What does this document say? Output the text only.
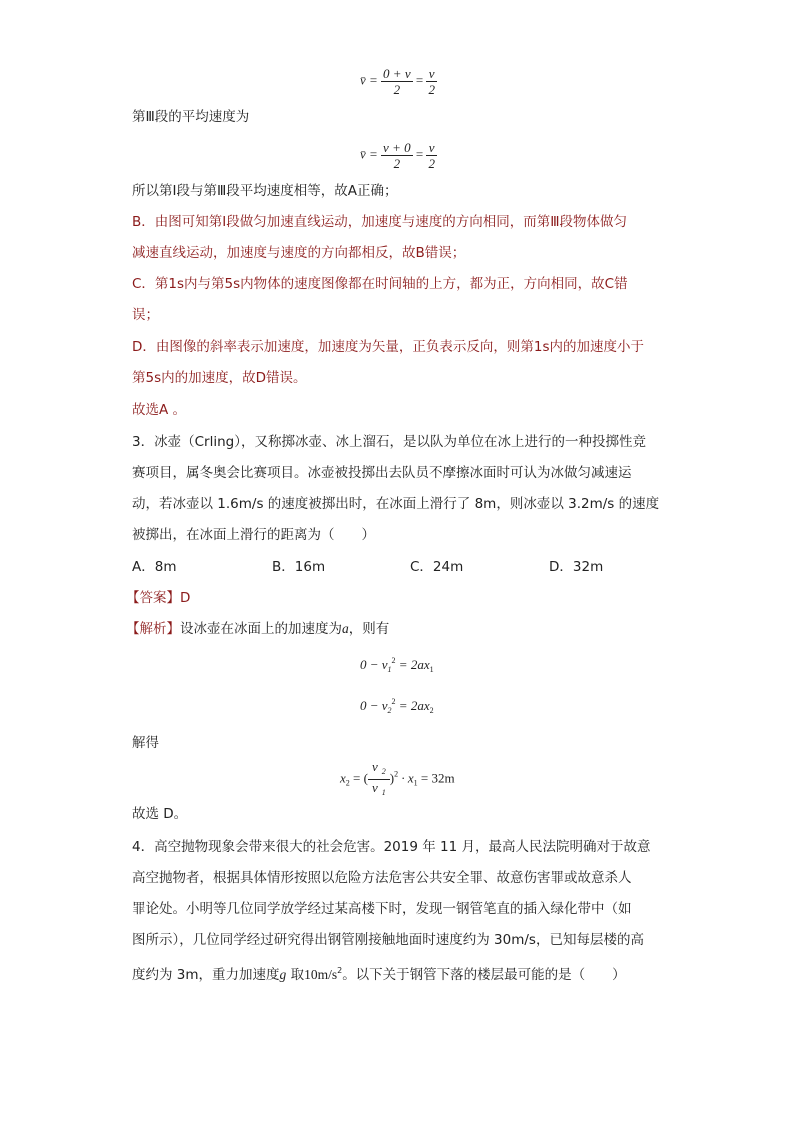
v̄ = $\frac{0 + v}{2} = \frac{v}{2}$
第Ⅲ段的平均速度为
v̄ = $\frac{v + 0}{2} = \frac{v}{2}$
所以第Ⅰ段与第Ⅲ段平均速度相等，故A正确；
B．由图可知第Ⅰ段做匀加速直线运动，加速度与速度的方向相同，而第Ⅲ段物体做匀
减速直线运动，加速度与速度的方向都相反，故B错误；
C．第1s内与第5s内物体的速度图像都在时间轴的上方，都为正，方向相同，故C错
误；
D．由图像的斜率表示加速度，加速度为矢量，正负表示反向，则第1s内的加速度小于
第5s内的加速度，故D错误。
故选A 。
3．冰壶（Crling），又称掷冰壶、冰上溜石，是以队为单位在冰上进行的一种投掷性竞
赛项目，属冬奥会比赛项目。冰壶被投掷出去队员不摩擦冰面时可认为冰做匀减速运
动，若冰壶以 1.6m/s 的速度被掷出时，在冰面上滑行了 8m，则冰壶以 3.2m/s 的速度
被掷出，在冰面上滑行的距离为（　　）
A．8m	B．16m	C．24m	D．32m
【答案】D
【解析】设冰壶在冰面上的加速度为a，则有
$0 - v_1^2 = 2ax_1$
$0 - v_2^2 = 2ax_2$
解得
$x_2$ = ( $\frac{v _2}{v _1} )^2 \cdot x_1 = 32m$
故选 D。
4．高空抛物现象会带来很大的社会危害。2019 年 11 月，最高人民法院明确对于故意
高空抛物者，根据具体情形按照以危险方法危害公共安全罪、故意伤害罪或故意杀人
罪论处。小明等几位同学放学经过某高楼下时，发现一钢管笔直的插入绿化带中（如
图所示），几位同学经过研究得出钢管刚接触地面时速度约为 30m/s，已知每层楼的高
度约为 3m，重力加速度g 取$10m/s^2$。以下关于钢管下落的楼层最可能的是（　　）
